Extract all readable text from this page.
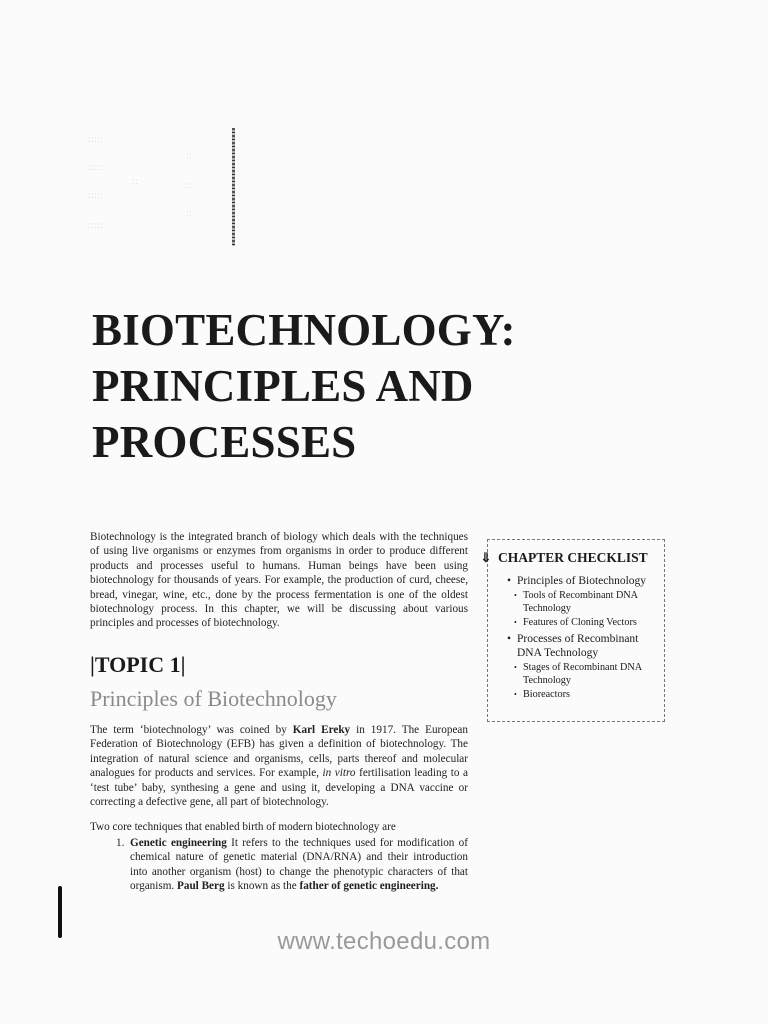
:::::
:::::
:::::
:::::
::
::
::
::
BIOTECHNOLOGY:
PRINCIPLES AND
PROCESSES

Biotechnology is the integrated branch of biology which deals with the techniques of using live organisms or enzymes from organisms in order to produce different products and processes useful to humans. Human beings have been using biotechnology for thousands of years. For example, the production of curd, cheese, bread, vinegar, wine, etc., done by the process fermentation is one of the oldest biotechnology process. In this chapter, we will be discussing about various principles and processes of biotechnology.

⇓ $^{CHAPTER CHECKLIST}$
• Principles of Biotechnology
• Tools of Recombinant DNA Technology
• Features of Cloning Vectors
• Processes of Recombinant DNA Technology
• Stages of Recombinant DNA Technology
• Bioreactors
|TOPIC 1|
Principles of Biotechnology

The term ‘biotechnology’ was coined by Karl Ereky in 1917. The European Federation of Biotechnology (EFB) has given a definition of biotechnology. The integration of natural science and organisms, cells, parts thereof and molecular analogues for products and services. For example, in vitro fertilisation leading to a ‘test tube’ baby, synthesing a gene and using it, developing a DNA vaccine or correcting a defective gene, all part of biotechnology.

Two core techniques that enabled birth of modern biotechnology are

1. Genetic engineering It refers to the techniques used for modification of chemical nature of genetic material (DNA/RNA) and their introduction into another organism (host) to change the phenotypic characters of that organism. Paul Berg is known as the father of genetic engineering.
www.techoedu.com
